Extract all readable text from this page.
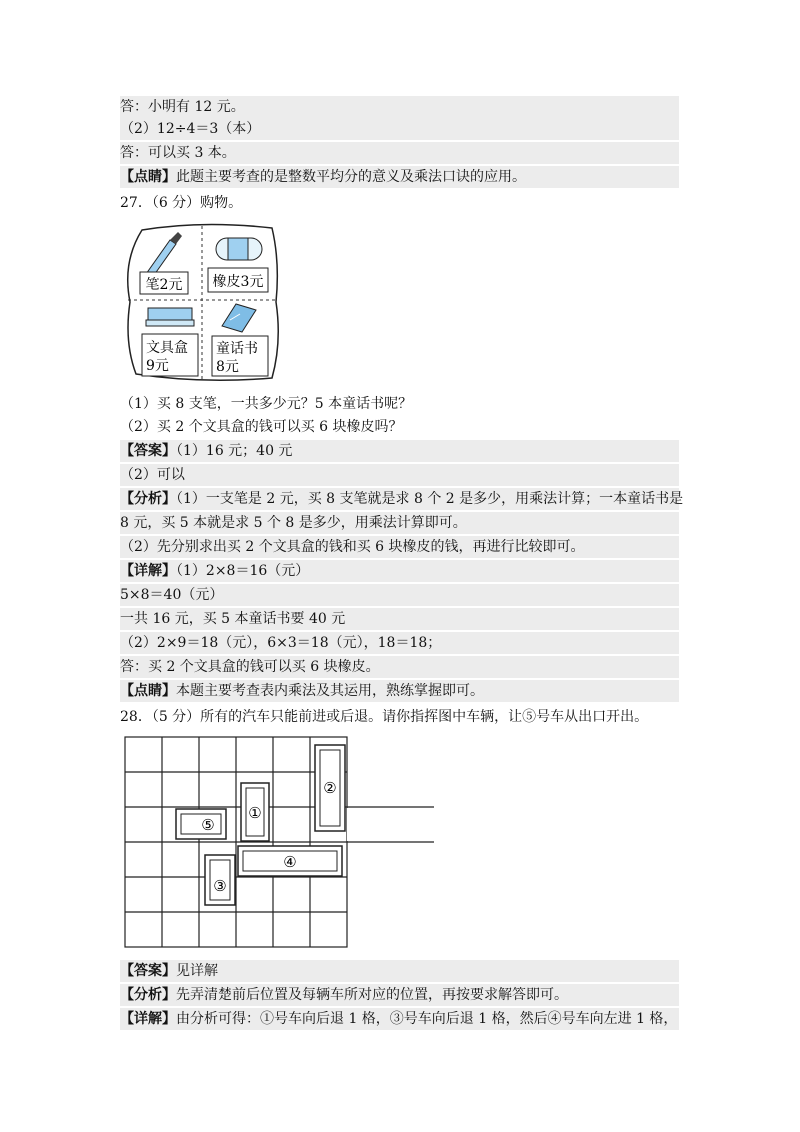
答：小明有 12 元。
（2）12÷4＝3（本）
答：可以买 3 本。
【点睛】此题主要考查的是整数平均分的意义及乘法口诀的应用。
27．（6 分）购物。
笔2元 橡皮3元
文具盒
9元
童话书
8元
（1）买 8 支笔，一共多少元？5 本童话书呢？
（2）买 2 个文具盒的钱可以买 6 块橡皮吗？
【答案】（1）16 元；40 元
（2）可以
【分析】（1）一支笔是 2 元，买 8 支笔就是求 8 个 2 是多少，用乘法计算；一本童话书是
8 元，买 5 本就是求 5 个 8 是多少，用乘法计算即可。
（2）先分别求出买 2 个文具盒的钱和买 6 块橡皮的钱，再进行比较即可。
【详解】（1）2×8＝16（元）
5×8＝40（元）
一共 16 元，买 5 本童话书要 40 元
（2）2×9＝18（元），6×3＝18（元），18＝18；
答：买 2 个文具盒的钱可以买 6 块橡皮。
【点睛】本题主要考查表内乘法及其运用，熟练掌握即可。
28．（5 分）所有的汽车只能前进或后退。请你指挥图中车辆，让⑤号车从出口开出。
②
①
⑤
④
③
【答案】见详解
【分析】先弄清楚前后位置及每辆车所对应的位置，再按要求解答即可。
【详解】由分析可得：①号车向后退 1 格，③号车向后退 1 格，然后④号车向左进 1 格，
